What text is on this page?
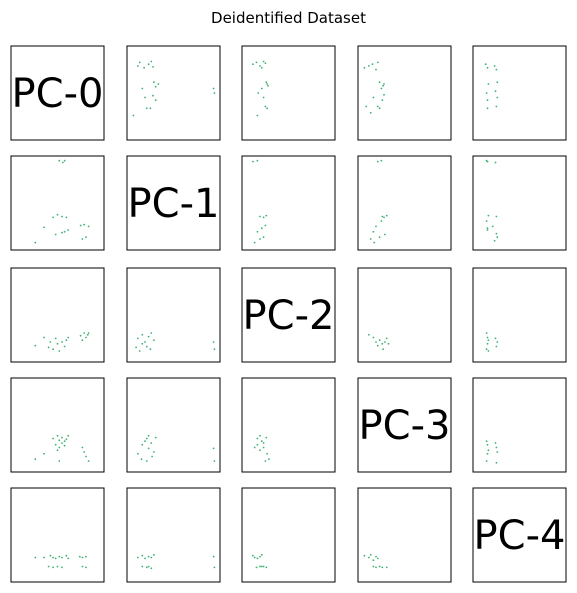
Deidentified Dataset
PC-0
PC-1
PC-2
PC-3
PC-4
